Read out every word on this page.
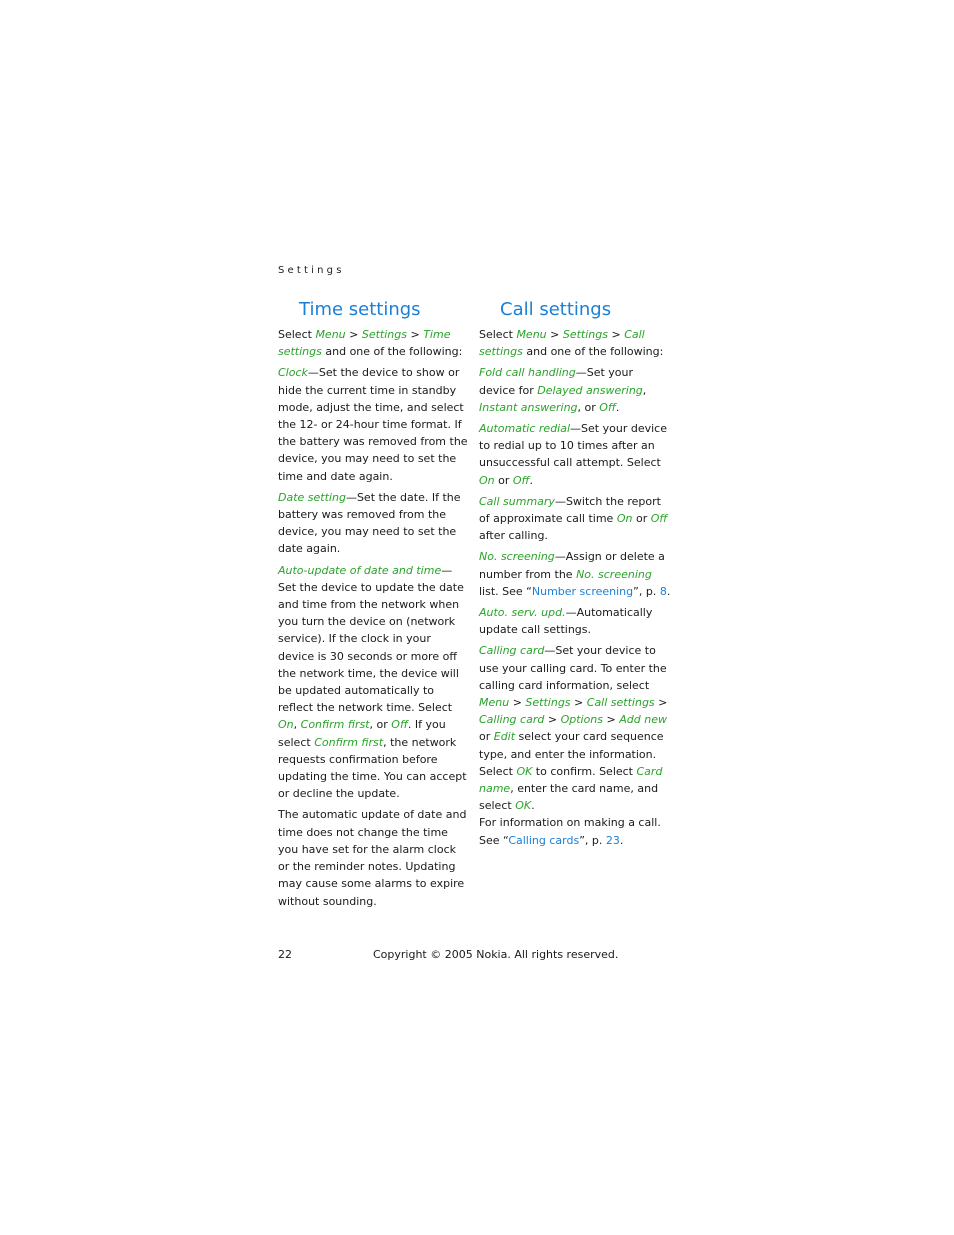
Settings
Time settings

Select Menu > Settings > Time settings and one of the following:

Clock—Set the device to show or hide the current time in standby mode, adjust the time, and select the 12- or 24-hour time format. If the battery was removed from the device, you may need to set the time and date again.

Date setting—Set the date. If the battery was removed from the device, you may need to set the date again.

Auto-update of date and time—Set the device to update the date and time from the network when you turn the device on (network service). If the clock in your device is 30 seconds or more off the network time, the device will be updated automatically to reflect the network time. Select On, Confirm first, or Off. If you select Confirm first, the network requests confirmation before updating the time. You can accept or decline the update.

The automatic update of date and time does not change the time you have set for the alarm clock or the reminder notes. Updating may cause some alarms to expire without sounding.

Call settings

Select Menu > Settings > Call settings and one of the following:

Fold call handling—Set your device for Delayed answering, Instant answering, or Off.

Automatic redial—Set your device to redial up to 10 times after an unsuccessful call attempt. Select On or Off.

Call summary—Switch the report of approximate call time On or Off after calling.

No. screening—Assign or delete a number from the No. screening list. See “Number screening”, p. 8.

Auto. serv. upd.—Automatically update call settings.

Calling card—Set your device to use your calling card. To enter the calling card information, select Menu > Settings > Call settings > Calling card > Options > Add new or Edit select your card sequence type, and enter the information. Select OK to confirm. Select Card name, enter the card name, and select OK.
For information on making a call. See “Calling cards”, p. 23.

22	Copyright © 2005 Nokia. All rights reserved.
